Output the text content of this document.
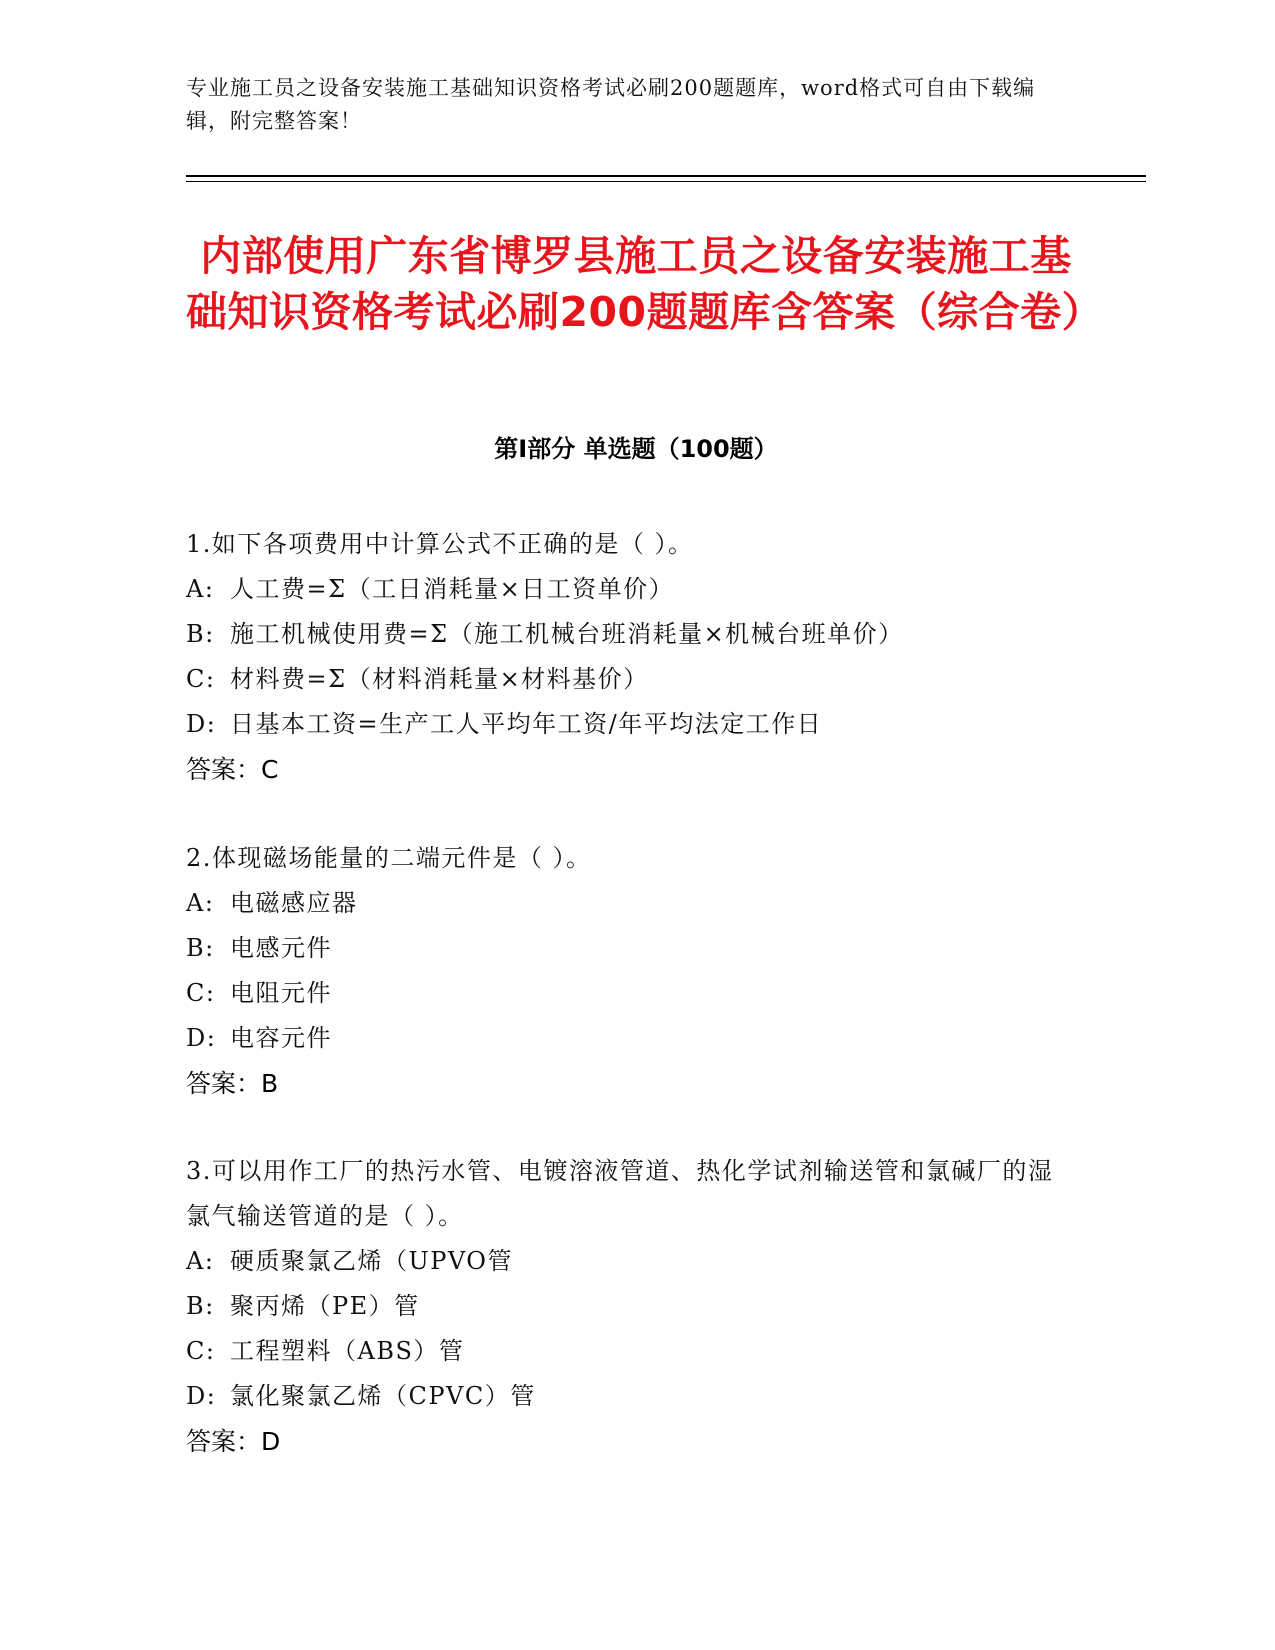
专业施工员之设备安装施工基础知识资格考试必刷200题题库，word格式可自由下载编辑，附完整答案！
内部使用广东省博罗县施工员之设备安装施工基础知识资格考试必刷200题题库含答案（综合卷）
第Ⅰ部分 单选题（100题）
1.如下各项费用中计算公式不正确的是（ ）。
A: 人工费=Σ（工日消耗量×日工资单价）
B: 施工机械使用费=Σ（施工机械台班消耗量×机械台班单价）
C: 材料费=Σ（材料消耗量×材料基价）
D: 日基本工资=生产工人平均年工资/年平均法定工作日
答案：C
2.体现磁场能量的二端元件是（ ）。
A: 电磁感应器
B: 电感元件
C: 电阻元件
D: 电容元件
答案：B
3.可以用作工厂的热污水管、电镀溶液管道、热化学试剂输送管和氯碱厂的湿氯气输送管道的是（ ）。
A: 硬质聚氯乙烯（UPVO管
B: 聚丙烯（PE）管
C: 工程塑料（ABS）管
D: 氯化聚氯乙烯（CPVC）管
答案：D
